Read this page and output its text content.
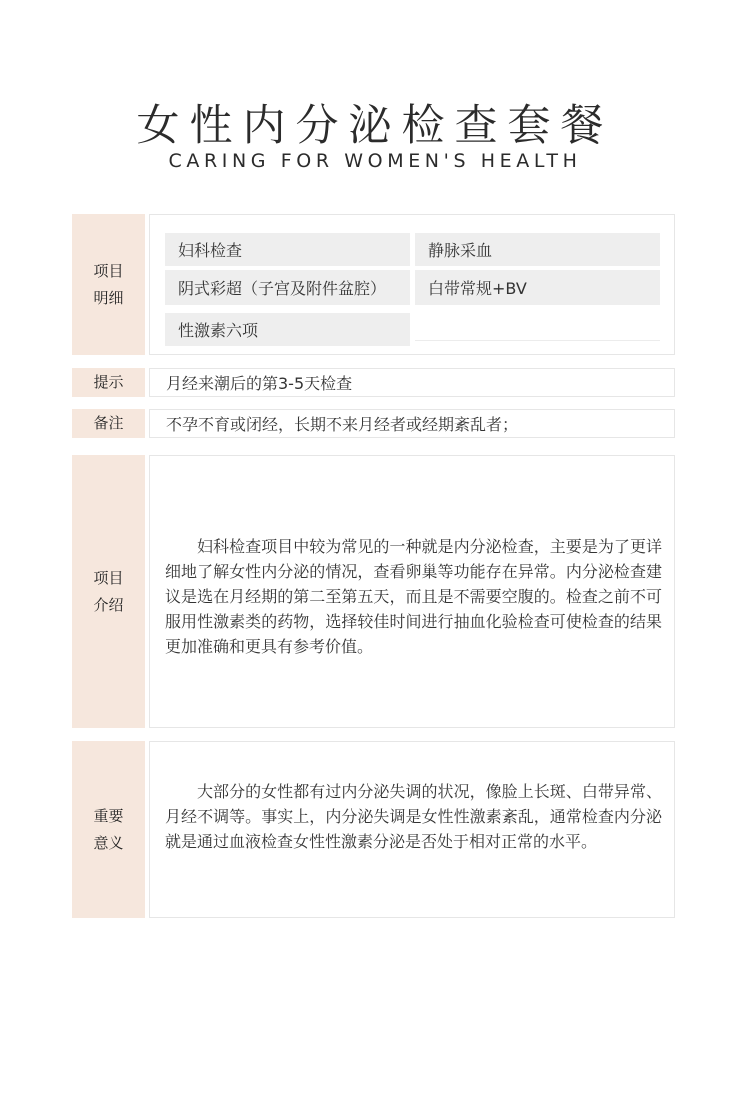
女性内分泌检查套餐
CARING FOR WOMEN'S HEALTH
项目
明细
妇科检查	静脉采血
阴式彩超（子宫及附件盆腔）	白带常规+BV
性激素六项
提示	月经来潮后的第3-5天检查
备注	不孕不育或闭经，长期不来月经者或经期紊乱者；
项目
介绍

妇科检查项目中较为常见的一种就是内分泌检查，主要是为了更详细地了解女性内分泌的情况，查看卵巢等功能存在异常。内分泌检查建议是选在月经期的第二至第五天，而且是不需要空腹的。检查之前不可服用性激素类的药物，选择较佳时间进行抽血化验检查可使检查的结果更加准确和更具有参考价值。

重要
意义

大部分的女性都有过内分泌失调的状况，像脸上长斑、白带异常、月经不调等。事实上，内分泌失调是女性性激素紊乱，通常检查内分泌就是通过血液检查女性性激素分泌是否处于相对正常的水平。
